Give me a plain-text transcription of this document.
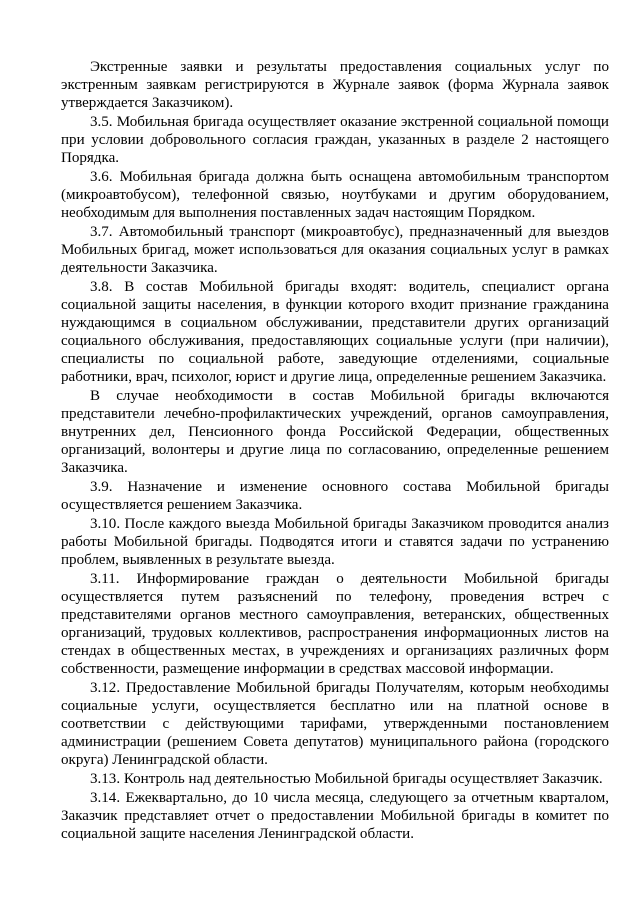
Экстренные заявки и результаты предоставления социальных услуг по экстренным заявкам регистрируются в Журнале заявок (форма Журнала заявок утверждается Заказчиком).

3.5. Мобильная бригада осуществляет оказание экстренной социальной помощи при условии добровольного согласия граждан, указанных в разделе 2 настоящего Порядка.

3.6. Мобильная бригада должна быть оснащена автомобильным транспортом (микроавтобусом), телефонной связью, ноутбуками и другим оборудованием, необходимым для выполнения поставленных задач настоящим Порядком.

3.7. Автомобильный транспорт (микроавтобус), предназначенный для выездов Мобильных бригад, может использоваться для оказания социальных услуг в рамках деятельности Заказчика.

3.8. В состав Мобильной бригады входят: водитель, специалист органа социальной защиты населения, в функции которого входит признание гражданина нуждающимся в социальном обслуживании, представители других организаций социального обслуживания, предоставляющих социальные услуги (при наличии), специалисты по социальной работе, заведующие отделениями, социальные работники, врач, психолог, юрист и другие лица, определенные решением Заказчика.

В случае необходимости в состав Мобильной бригады включаются представители лечебно-профилактических учреждений, органов самоуправления, внутренних дел, Пенсионного фонда Российской Федерации, общественных организаций, волонтеры и другие лица по согласованию, определенные решением Заказчика.

3.9. Назначение и изменение основного состава Мобильной бригады осуществляется решением Заказчика.

3.10. После каждого выезда Мобильной бригады Заказчиком проводится анализ работы Мобильной бригады. Подводятся итоги и ставятся задачи по устранению проблем, выявленных в результате выезда.

3.11. Информирование граждан о деятельности Мобильной бригады осуществляется путем разъяснений по телефону, проведения встреч с представителями органов местного самоуправления, ветеранских, общественных организаций, трудовых коллективов, распространения информационных листов на стендах в общественных местах, в учреждениях и организациях различных форм собственности, размещение информации в средствах массовой информации.

3.12. Предоставление Мобильной бригады Получателям, которым необходимы социальные услуги, осуществляется бесплатно или на платной основе в соответствии с действующими тарифами, утвержденными постановлением администрации (решением Совета депутатов) муниципального района (городского округа) Ленинградской области.

3.13. Контроль над деятельностью Мобильной бригады осуществляет Заказчик.

3.14. Ежеквартально, до 10 числа месяца, следующего за отчетным кварталом, Заказчик представляет отчет о предоставлении Мобильной бригады в комитет по социальной защите населения Ленинградской области.
